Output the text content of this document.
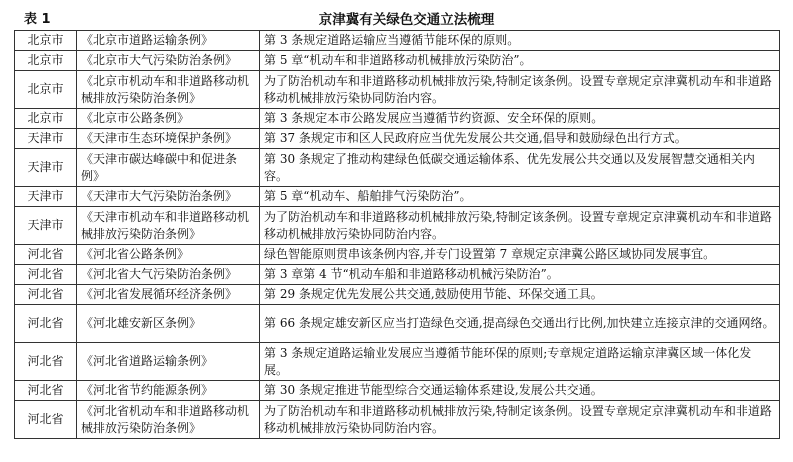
表 1	京津冀有关绿色交通立法梳理
北京市	《北京市道路运输条例》	第 3 条规定道路运输应当遵循节能环保的原则。
北京市	《北京市大气污染防治条例》	第 5 章“机动车和非道路移动机械排放污染防治”。
北京市	《北京市机动车和非道路移动机械排放污染防治条例》	为了防治机动车和非道路移动机械排放污染,特制定该条例。设置专章规定京津冀机动车和非道路移动机械排放污染协同防治内容。
北京市	《北京市公路条例》	第 3 条规定本市公路发展应当遵循节约资源、安全环保的原则。
天津市	《天津市生态环境保护条例》	第 37 条规定市和区人民政府应当优先发展公共交通,倡导和鼓励绿色出行方式。
天津市	《天津市碳达峰碳中和促进条例》	第 30 条规定了推动构建绿色低碳交通运输体系、优先发展公共交通以及发展智慧交通相关内容。
天津市	《天津市大气污染防治条例》	第 5 章“机动车、船舶排气污染防治”。
天津市	《天津市机动车和非道路移动机械排放污染防治条例》	为了防治机动车和非道路移动机械排放污染,特制定该条例。设置专章规定京津冀机动车和非道路移动机械排放污染协同防治内容。
河北省	《河北省公路条例》	绿色智能原则贯串该条例内容,并专门设置第 7 章规定京津冀公路区域协同发展事宜。
河北省	《河北省大气污染防治条例》	第 3 章第 4 节“机动车船和非道路移动机械污染防治”。
河北省	《河北省发展循环经济条例》	第 29 条规定优先发展公共交通,鼓励使用节能、环保交通工具。
河北省	《河北雄安新区条例》	第 66 条规定雄安新区应当打造绿色交通,提高绿色交通出行比例,加快建立连接京津的交通网络。
河北省	《河北省道路运输条例》	第 3 条规定道路运输业发展应当遵循节能环保的原则;专章规定道路运输京津冀区域一体化发展。
河北省	《河北省节约能源条例》	第 30 条规定推进节能型综合交通运输体系建设,发展公共交通。
河北省	《河北省机动车和非道路移动机械排放污染防治条例》	为了防治机动车和非道路移动机械排放污染,特制定该条例。设置专章规定京津冀机动车和非道路移动机械排放污染协同防治内容。
